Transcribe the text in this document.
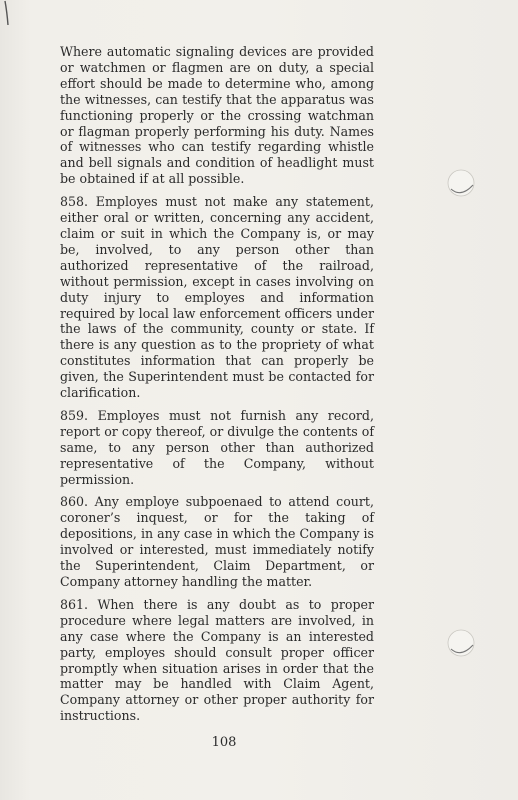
Where automatic signaling devices are provided or watchmen or flagmen are on duty, a special effort should be made to determine who, among the witnesses, can testify that the apparatus was functioning properly or the crossing watchman or flagman properly performing his duty. Names of witnesses who can testify regarding whistle and bell signals and condition of headlight must be obtained if at all possible.

858. Employes must not make any statement, either oral or written, concerning any accident, claim or suit in which the Company is, or may be, involved, to any person other than authorized representative of the railroad, without permission, except in cases involving on duty injury to employes and information required by local law enforcement officers under the laws of the community, county or state. If there is any question as to the propriety of what constitutes information that can properly be given, the Superintendent must be contacted for clarification.

859. Employes must not furnish any record, report or copy thereof, or divulge the contents of same, to any person other than authorized representative of the Company, without permission.

860. Any employe subpoenaed to attend court, coroner’s inquest, or for the taking of depositions, in any case in which the Company is involved or interested, must immediately notify the Superintendent, Claim Department, or Company attorney handling the matter.

861. When there is any doubt as to proper procedure where legal matters are involved, in any case where the Company is an interested party, employes should consult proper officer promptly when situation arises in order that the matter may be handled with Claim Agent, Company attorney or other proper authority for instructions.

108
